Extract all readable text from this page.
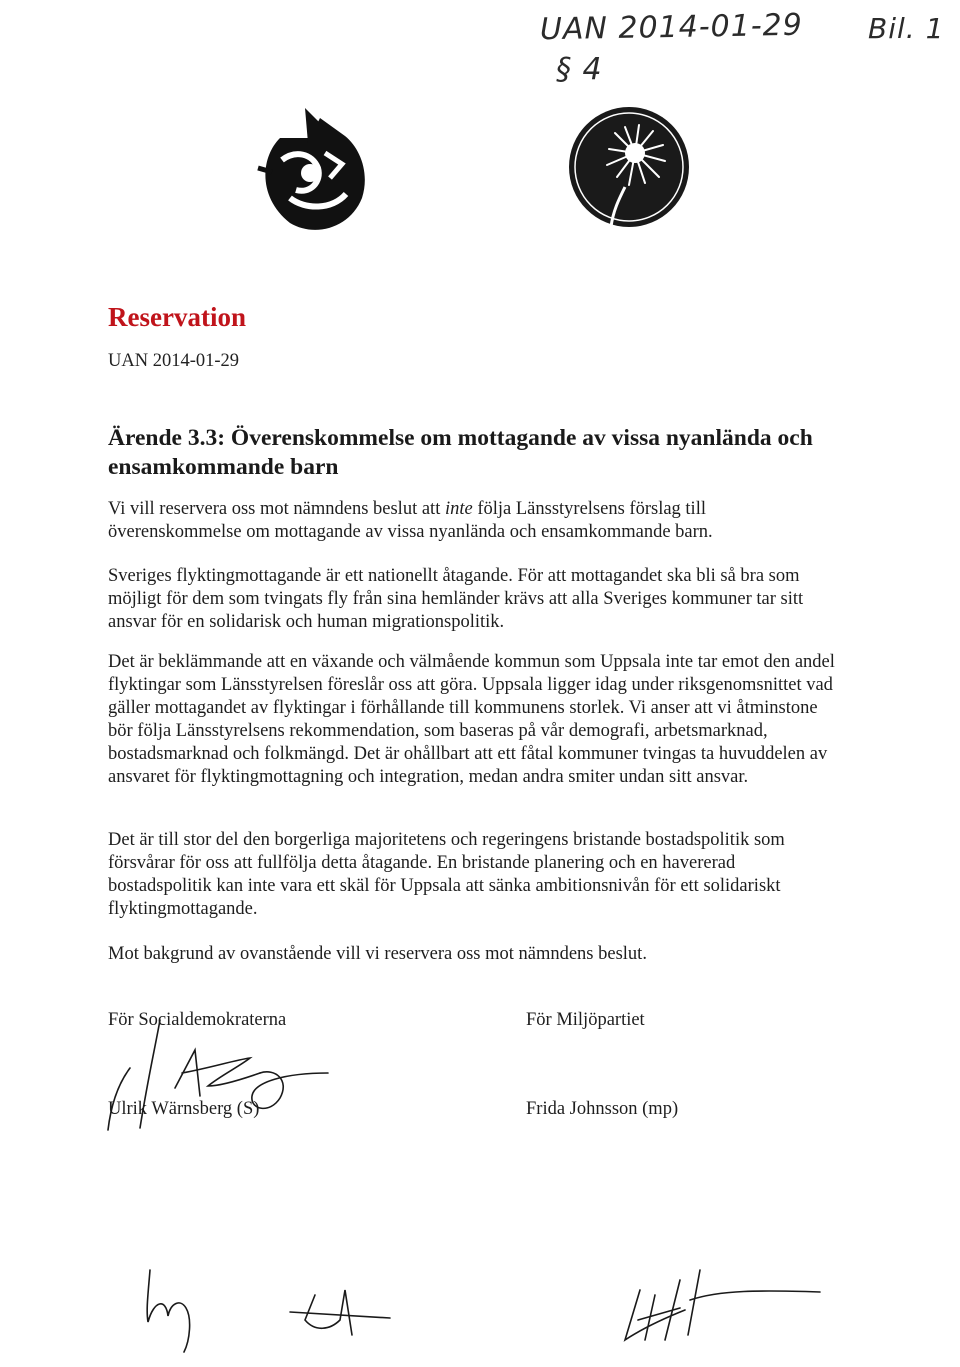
UAN 2014-01-29 Bil. 1
§ 4
Reservation
UAN 2014-01-29
Ärende 3.3: Överenskommelse om mottagande av vissa nyanlända och ensamkommande barn
Vi vill reservera oss mot nämndens beslut att inte följa Länsstyrelsens förslag till överenskommelse om mottagande av vissa nyanlända och ensamkommande barn.
Sveriges flyktingmottagande är ett nationellt åtagande. För att mottagandet ska bli så bra som möjligt för dem som tvingats fly från sina hemländer krävs att alla Sveriges kommuner tar sitt ansvar för en solidarisk och human migrationspolitik.
Det är beklämmande att en växande och välmående kommun som Uppsala inte tar emot den andel flyktingar som Länsstyrelsen föreslår oss att göra. Uppsala ligger idag under riksgenomsnittet vad gäller mottagandet av flyktingar i förhållande till kommunens storlek. Vi anser att vi åtminstone bör följa Länsstyrelsens rekommendation, som baseras på vår demografi, arbetsmarknad, bostadsmarknad och folkmängd. Det är ohållbart att ett fåtal kommuner tvingas ta huvuddelen av ansvaret för flyktingmottagning och integration, medan andra smiter undan sitt ansvar.
Det är till stor del den borgerliga majoritetens och regeringens bristande bostadspolitik som försvårar för oss att fullfölja detta åtagande. En bristande planering och en havererad bostadspolitik kan inte vara ett skäl för Uppsala att sänka ambitionsnivån för ett solidariskt flyktingmottagande.
Mot bakgrund av ovanstående vill vi reservera oss mot nämndens beslut.
För Socialdemokraterna	För Miljöpartiet
Ulrik Wärnsberg (S)	Frida Johnsson (mp)
